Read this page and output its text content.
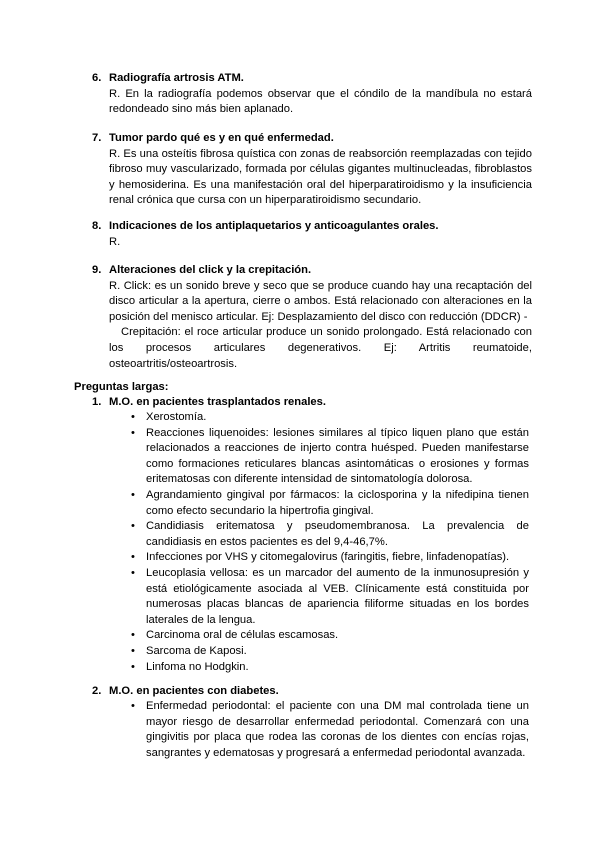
6. Radiografía artrosis ATM.
R. En la radiografía podemos observar que el cóndilo de la mandíbula no estará redondeado sino más bien aplanado.
7. Tumor pardo qué es y en qué enfermedad.
R. Es una osteítis fibrosa quística con zonas de reabsorción reemplazadas con tejido fibroso muy vascularizado, formada por células gigantes multinucleadas, fibroblastos y hemosiderina. Es una manifestación oral del hiperparatiroidismo y la insuficiencia renal crónica que cursa con un hiperparatiroidismo secundario.
8. Indicaciones de los antiplaquetarios y anticoagulantes orales.
R.
9. Alteraciones del click y la crepitación.
R. Click: es un sonido breve y seco que se produce cuando hay una recaptación del disco articular a la apertura, cierre o ambos. Está relacionado con alteraciones en la posición del menisco articular. Ej: Desplazamiento del disco con reducción (DDCR) -
Crepitación: el roce articular produce un sonido prolongado. Está relacionado con los procesos articulares degenerativos. Ej: Artritis reumatoide, osteoartritis/osteoartrosis.
Preguntas largas:
1. M.O. en pacientes trasplantados renales.
• Xerostomía.
• Reacciones liquenoides: lesiones similares al típico liquen plano que están relacionados a reacciones de injerto contra huésped. Pueden manifestarse como formaciones reticulares blancas asintomáticas o erosiones y formas eritematosas con diferente intensidad de sintomatología dolorosa.
• Agrandamiento gingival por fármacos: la ciclosporina y la nifedipina tienen como efecto secundario la hipertrofia gingival.
• Candidiasis eritematosa y pseudomembranosa. La prevalencia de candidiasis en estos pacientes es del 9,4-46,7%.
• Infecciones por VHS y citomegalovirus (faringitis, fiebre, linfadenopatías).
• Leucoplasia vellosa: es un marcador del aumento de la inmunosupresión y está etiológicamente asociada al VEB. Clínicamente está constituida por numerosas placas blancas de apariencia filiforme situadas en los bordes laterales de la lengua.
• Carcinoma oral de células escamosas.
• Sarcoma de Kaposi.
• Linfoma no Hodgkin.
2. M.O. en pacientes con diabetes.
• Enfermedad periodontal: el paciente con una DM mal controlada tiene un mayor riesgo de desarrollar enfermedad periodontal. Comenzará con una gingivitis por placa que rodea las coronas de los dientes con encías rojas, sangrantes y edematosas y progresará a enfermedad periodontal avanzada.
